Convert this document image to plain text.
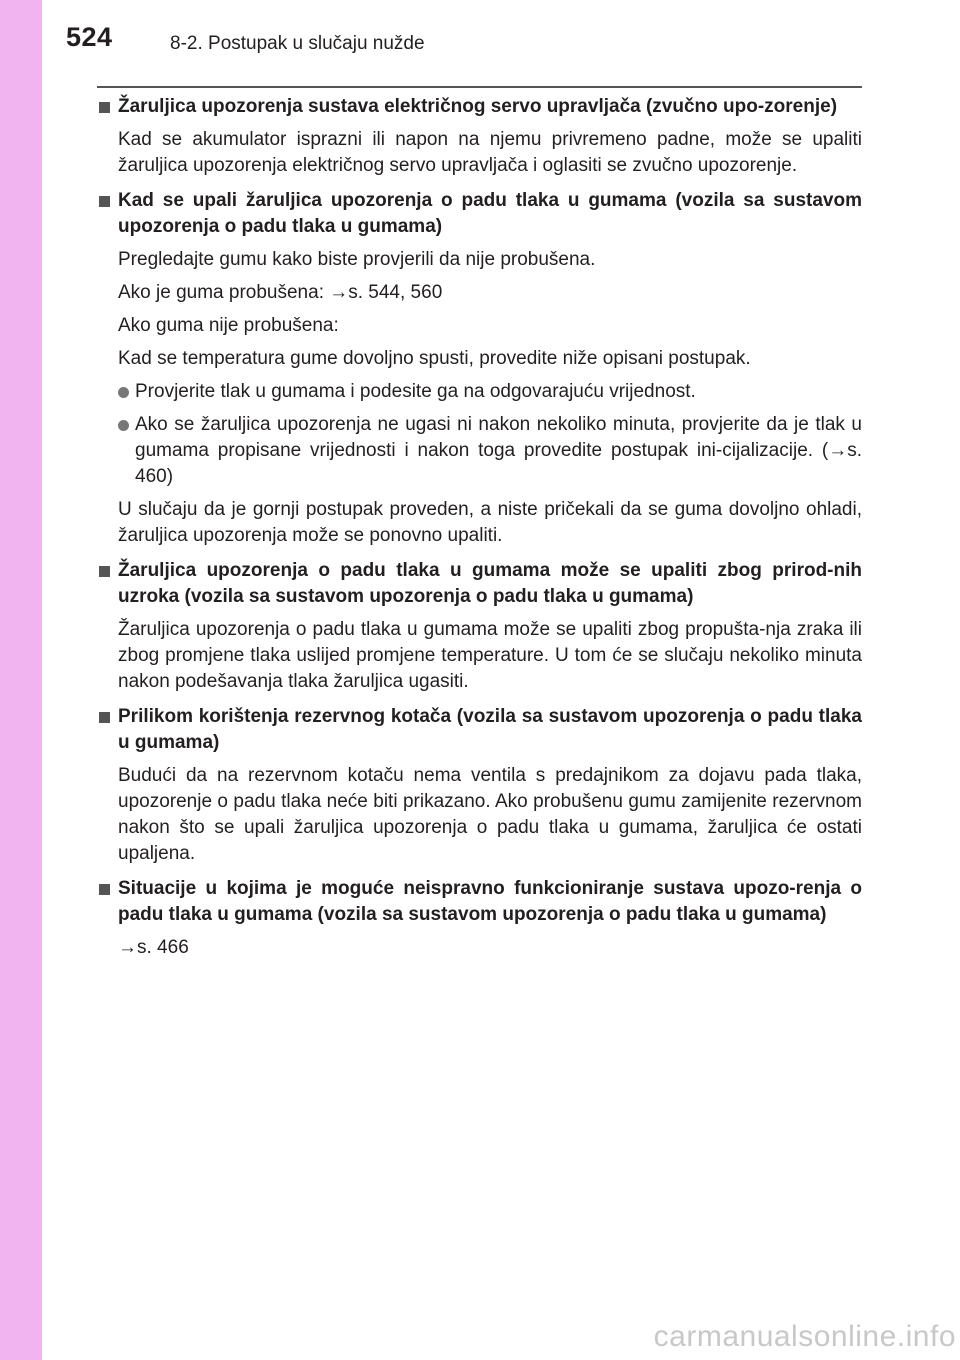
524	8-2. Postupak u slučaju nužde
Žaruljica upozorenja sustava električnog servo upravljača (zvučno upo-zorenje)
Kad se akumulator isprazni ili napon na njemu privremeno padne, može se upaliti žaruljica upozorenja električnog servo upravljača i oglasiti se zvučno upozorenje.
Kad se upali žaruljica upozorenja o padu tlaka u gumama (vozila sa sustavom upozorenja o padu tlaka u gumama)
Pregledajte gumu kako biste provjerili da nije probušena.
Ako je guma probušena: →s. 544, 560
Ako guma nije probušena:
Kad se temperatura gume dovoljno spusti, provedite niže opisani postupak.
Provjerite tlak u gumama i podesite ga na odgovarajuću vrijednost.
Ako se žaruljica upozorenja ne ugasi ni nakon nekoliko minuta, provjerite da je tlak u gumama propisane vrijednosti i nakon toga provedite postupak ini-cijalizacije. (→s. 460)
U slučaju da je gornji postupak proveden, a niste pričekali da se guma dovoljno ohladi, žaruljica upozorenja može se ponovno upaliti.
Žaruljica upozorenja o padu tlaka u gumama može se upaliti zbog prirod-nih uzroka (vozila sa sustavom upozorenja o padu tlaka u gumama)
Žaruljica upozorenja o padu tlaka u gumama može se upaliti zbog propušta-nja zraka ili zbog promjene tlaka uslijed promjene temperature. U tom će se slučaju nekoliko minuta nakon podešavanja tlaka žaruljica ugasiti.
Prilikom korištenja rezervnog kotača (vozila sa sustavom upozorenja o padu tlaka u gumama)
Budući da na rezervnom kotaču nema ventila s predajnikom za dojavu pada tlaka, upozorenje o padu tlaka neće biti prikazano. Ako probušenu gumu zamijenite rezervnom nakon što se upali žaruljica upozorenja o padu tlaka u gumama, žaruljica će ostati upaljena.
Situacije u kojima je moguće neispravno funkcioniranje sustava upozo-renja o padu tlaka u gumama (vozila sa sustavom upozorenja o padu tlaka u gumama)
→s. 466
carmanualsonline.info
